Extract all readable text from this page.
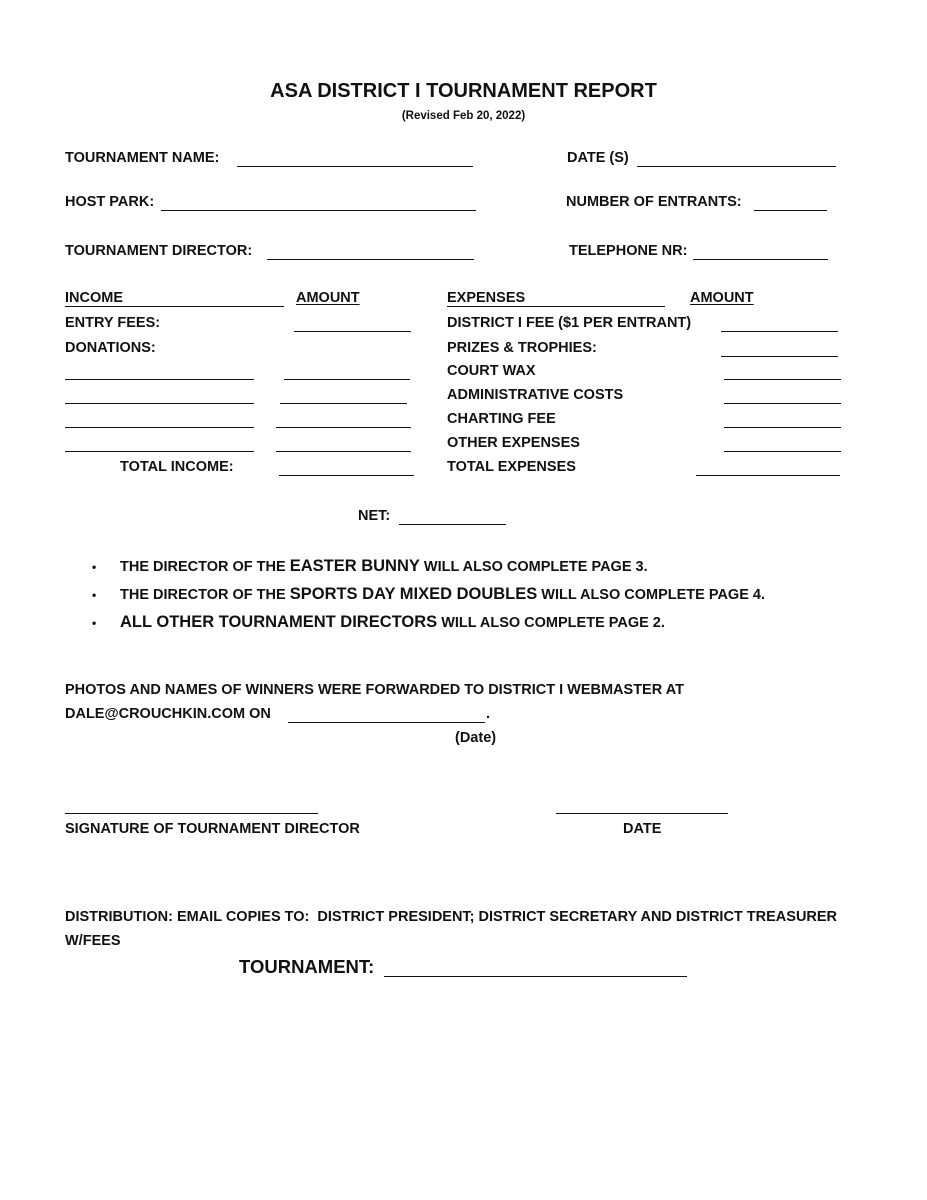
ASA DISTRICT I TOURNAMENT REPORT
(Revised Feb 20, 2022)
TOURNAMENT NAME:	DATE (S)
HOST PARK:	NUMBER OF ENTRANTS:
TOURNAMENT DIRECTOR:	TELEPHONE NR:
INCOME	AMOUNT
ENTRY FEES:
DONATIONS:
TOTAL INCOME:
EXPENSES	AMOUNT
DISTRICT I FEE ($1 PER ENTRANT)
PRIZES & TROPHIES:
COURT WAX
ADMINISTRATIVE COSTS
CHARTING FEE
OTHER EXPENSES
TOTAL EXPENSES
NET:
• THE DIRECTOR OF THE EASTER BUNNY WILL ALSO COMPLETE PAGE 3.
• THE DIRECTOR OF THE SPORTS DAY MIXED DOUBLES WILL ALSO COMPLETE PAGE 4.
• ALL OTHER TOURNAMENT DIRECTORS WILL ALSO COMPLETE PAGE 2.
PHOTOS AND NAMES OF WINNERS WERE FORWARDED TO DISTRICT I WEBMASTER AT
DALE@CROUCHKIN.COM ON	.
(Date)
SIGNATURE OF TOURNAMENT DIRECTOR	DATE
DISTRIBUTION: EMAIL COPIES TO:  DISTRICT PRESIDENT; DISTRICT SECRETARY AND DISTRICT TREASURER
W/FEES
TOURNAMENT:
